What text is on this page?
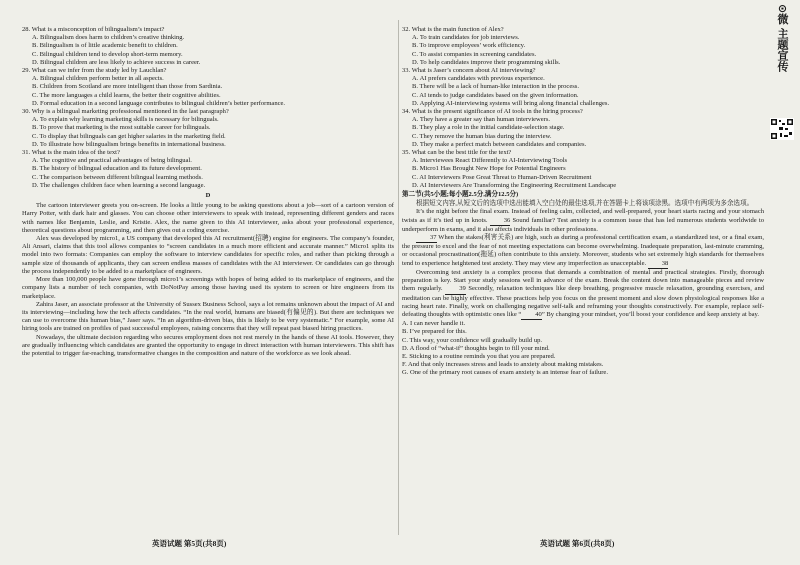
28. What is a misconception of bilingualism’s impact?
A. Bilingualism does harm to children’s creative thinking.
B. Bilingualism is of little academic benefit to children.
C. Bilingual children tend to develop short-term memory.
D. Bilingual children are less likely to achieve success in career.
29. What can we infer from the study led by Lauchlan?
A. Bilingual children perform better in all aspects.
B. Children from Scotland are more intelligent than those from Sardinia.
C. The more languages a child learns, the better their cognitive abilities.
D. Formal education in a second language contributes to bilingual children’s better performance.
30. Why is a bilingual marketing professional mentioned in the last paragraph?
A. To explain why learning marketing skills is necessary for bilinguals.
B. To prove that marketing is the most suitable career for bilinguals.
C. To display that bilinguals can get higher salaries in the marketing field.
D. To illustrate how bilingualism brings benefits in international business.
31. What is the main idea of the text?
A. The cognitive and practical advantages of being bilingual.
B. The history of bilingual education and its future development.
C. The comparison between different bilingual learning methods.
D. The challenges children face when learning a second language.
D

The cartoon interviewer greets you on-screen. He looks a little young to be asking questions about a job—sort of a cartoon version of Harry Potter, with dark hair and glasses. You can choose other interviewers to speak with instead, representing different genders and races with names like Benjamin, Leslie, and Kristie. Alex, the name given to this AI interviewer, asks about your professional experience, theoretical questions about programming, and then gives out a coding exercise.

Alex was developed by micro1, a US company that developed this AI recruitment(招聘) engine for engineers. The company’s founder, Ali Ansari, claims that this tool allows companies to “screen candidates in a much more efficient and accurate manner.” Micro1 splits its model into two formats: Companies can employ the software to interview candidates for specific roles, and rather than picking through a sample size of thousands of applicants, they can screen endless masses of candidates with the AI interviewer. Or candidates can go through the process independently to be added to a marketplace of engineers.

More than 100,000 people have gone through micro1’s screenings with hopes of being added to its marketplace of engineers, and the company lists a number of tech companies, with DoNotPay among those having used its system to screen or hire engineers from its marketplace.

Zahira Jaser, an associate professor at the University of Sussex Business School, says a lot remains unknown about the impact of AI and its interviewing—including how the tech affects candidates. “In the real world, humans are biased(有偏见的). But there are techniques we can use to overcome this human bias,” Jaser says. “In an algorithm-driven bias, this is likely to be very systematic.” For example, some AI hiring tools are trained on profiles of past successful employees, raising concerns that they will repeat past biased hiring practices.

Nowadays, the ultimate decision regarding who secures employment does not rest merely in the hands of these AI tools. However, they are gradually influencing which candidates are granted the opportunity to engage in direct interaction with human interviewers. This shift has the potential to trigger far-reaching, transformative changes in the composition and nature of the workforce as we look ahead.

32. What is the main function of Alex?
A. To train candidates for job interviews.
B. To improve employees’ work efficiency.
C. To assist companies in screening candidates.
D. To help candidates improve their programming skills.
33. What is Jaser’s concern about AI interviewing?
A. AI prefers candidates with previous experience.
B. There will be a lack of human-like interaction in the process.
C. AI tends to judge candidates based on the given information.
D. Applying AI-interviewing systems will bring along financial challenges.
34. What is the present significance of AI tools in the hiring process?
A. They have a greater say than human interviewers.
B. They play a role in the initial candidate-selection stage.
C. They remove the human bias during the interview.
D. They make a perfect match between candidates and companies.
35. What can be the best title for the text?
A. Interviewees React Differently to AI-Interviewing Tools
B. Micro1 Has Brought New Hope for Potential Engineers
C. AI Interviewers Pose Great Threat to Human-Driven Recruitment
D. AI Interviewers Are Transforming the Engineering Recruitment Landscape
第二节(共5小题;每小题2.5分,满分12.5分)

根据短文内容,从短文后的选项中选出能填入空白处的最佳选项,并在答题卡上将该项涂黑。选项中有两项为多余选项。

It’s the night before the final exam. Instead of feeling calm, collected, and well-prepared, your heart starts racing and your stomach twists as if it’s tied up in knots. 36 Sound familiar? Test anxiety is a common issue that has led numerous students worldwide to underperform in exams, and it also affects individuals in other professions.

37 When the stakes(利害关系) are high, such as during a professional certification exam, a standardized test, or a final exam, the pressure to excel and the fear of not meeting expectations can become overwhelming. Inadequate preparation, last-minute cramming, or occasional procrastination(拖延) often contribute to this anxiety. Moreover, students who set extremely high standards for themselves tend to experience heightened test anxiety. They may view any imperfection as unacceptable. 38

Overcoming test anxiety is a complex process that demands a combination of mental and practical strategies. Firstly, thorough preparation is key. Start your study sessions well in advance of the exam. Break the content down into manageable pieces and review them regularly.	39 Secondly, relaxation techniques like deep breathing, progressive muscle relaxation, grounding exercises, and meditation can be highly effective. These practices help you focus on the present moment and slow down physiological responses like a racing heart rate. Finally, work on challenging negative self-talk and reframing your thoughts constructively. For example, replace self-defeating thoughts with optimistic ones like “ 40” By changing your mindset, you’ll boost your confidence and keep anxiety at bay.

A. I can never handle it.
B. I’ve prepared for this.
C. This way, your confidence will gradually build up.
D. A flood of “what-if” thoughts begin to fill your mind.
E. Sticking to a routine reminds you that you are prepared.
F. And that only increases stress and leads to anxiety about making mistakes.
G. One of the primary root causes of exam anxiety is an intense fear of failure.
英语试题 第5页(共8页)	英语试题 第6页(共8页)
⊙微 主题宣传
